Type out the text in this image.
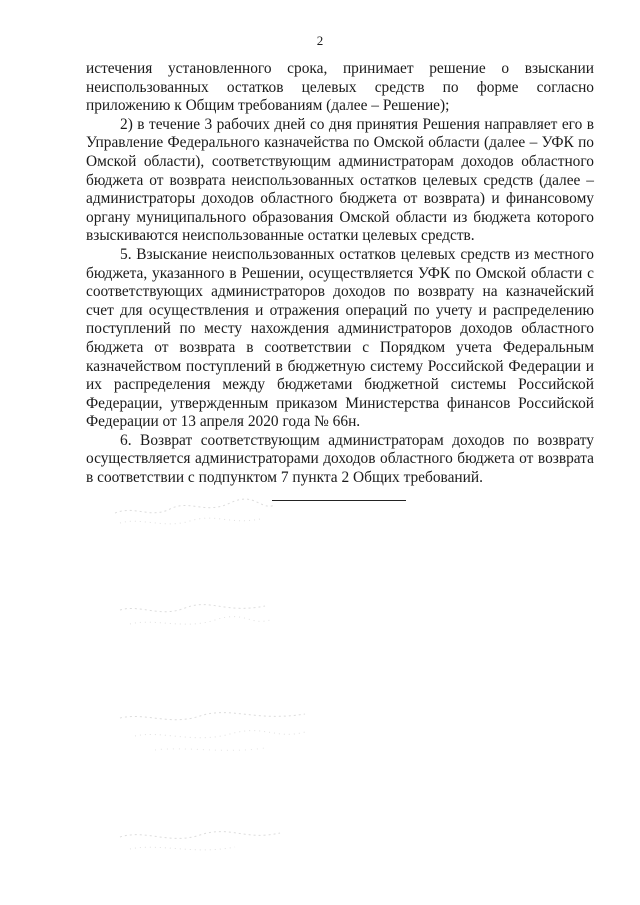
2

истечения установленного срока, принимает решение о взыскании неиспользованных остатков целевых средств по форме согласно приложению к Общим требованиям (далее – Решение);

2) в течение 3 рабочих дней со дня принятия Решения направляет его в Управление Федерального казначейства по Омской области (далее – УФК по Омской области), соответствующим администраторам доходов областного бюджета от возврата неиспользованных остатков целевых средств (далее – администраторы доходов областного бюджета от возврата) и финансовому органу муниципального образования Омской области из бюджета которого взыскиваются неиспользованные остатки целевых средств.

5. Взыскание неиспользованных остатков целевых средств из местного бюджета, указанного в Решении, осуществляется УФК по Омской области с соответствующих администраторов доходов по возврату на казначейский счет для осуществления и отражения операций по учету и распределению поступлений по месту нахождения администраторов доходов областного бюджета от возврата в соответствии с Порядком учета Федеральным казначейством поступлений в бюджетную систему Российской Федерации и их распределения между бюджетами бюджетной системы Российской Федерации, утвержденным приказом Министерства финансов Российской Федерации от 13 апреля 2020 года № 66н.

6. Возврат соответствующим администраторам доходов по возврату осуществляется администраторами доходов областного бюджета от возврата в соответствии с подпунктом 7 пункта 2 Общих требований.
